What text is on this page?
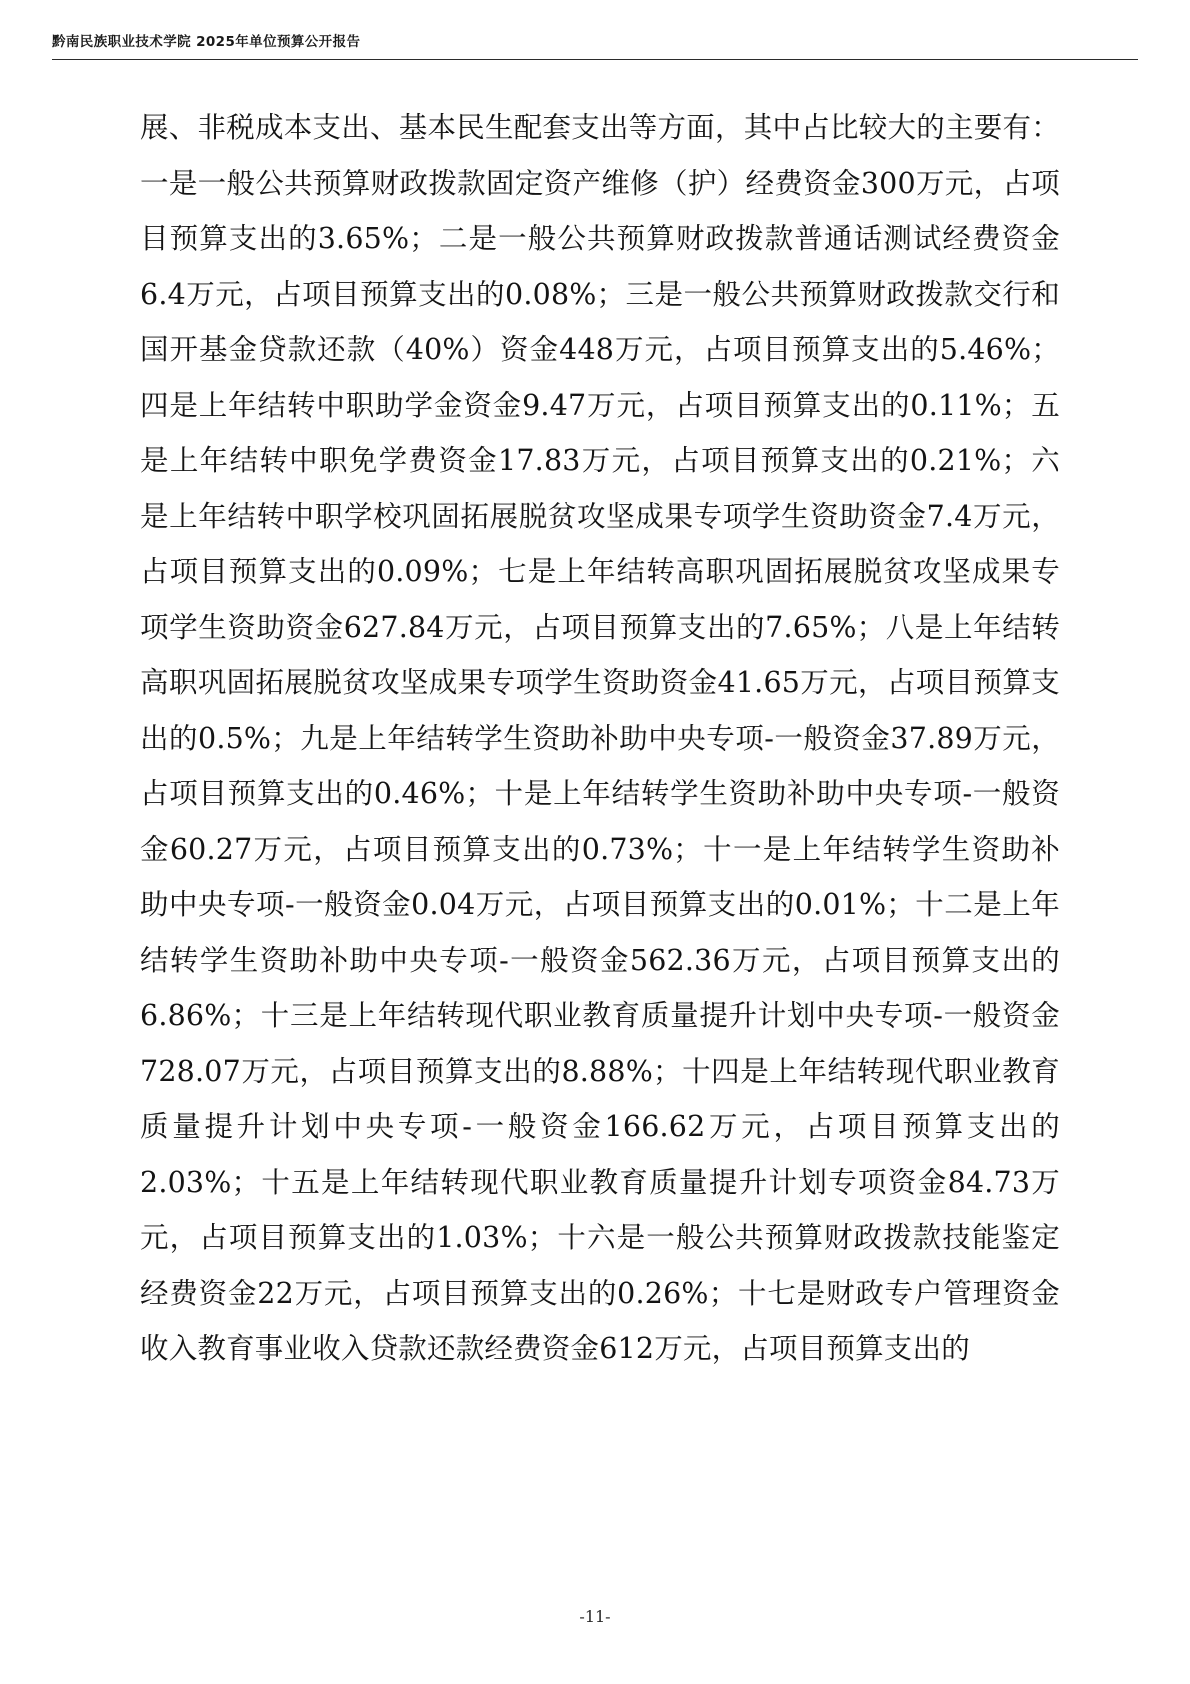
黔南民族职业技术学院 2025年单位预算公开报告

展、非税成本支出、基本民生配套支出等方面，其中占比较大的主要有：一是一般公共预算财政拨款固定资产维修（护）经费资金300万元，占项目预算支出的3.65%；二是一般公共预算财政拨款普通话测试经费资金6.4万元，占项目预算支出的0.08%；三是一般公共预算财政拨款交行和国开基金贷款还款（40%）资金448万元，占项目预算支出的5.46%；四是上年结转中职助学金资金9.47万元，占项目预算支出的0.11%；五是上年结转中职免学费资金17.83万元，占项目预算支出的0.21%；六是上年结转中职学校巩固拓展脱贫攻坚成果专项学生资助资金7.4万元，占项目预算支出的0.09%；七是上年结转高职巩固拓展脱贫攻坚成果专项学生资助资金627.84万元，占项目预算支出的7.65%；八是上年结转高职巩固拓展脱贫攻坚成果专项学生资助资金41.65万元，占项目预算支出的0.5%；九是上年结转学生资助补助中央专项-一般资金37.89万元，占项目预算支出的0.46%；十是上年结转学生资助补助中央专项-一般资金60.27万元，占项目预算支出的0.73%；十一是上年结转学生资助补助中央专项-一般资金0.04万元，占项目预算支出的0.01%；十二是上年结转学生资助补助中央专项-一般资金562.36万元，占项目预算支出的6.86%；十三是上年结转现代职业教育质量提升计划中央专项-一般资金728.07万元，占项目预算支出的8.88%；十四是上年结转现代职业教育质量提升计划中央专项-一般资金166.62万元，占项目预算支出的2.03%；十五是上年结转现代职业教育质量提升计划专项资金84.73万元，占项目预算支出的1.03%；十六是一般公共预算财政拨款技能鉴定经费资金22万元，占项目预算支出的0.26%；十七是财政专户管理资金收入教育事业收入贷款还款经费资金612万元，占项目预算支出的

-11-
